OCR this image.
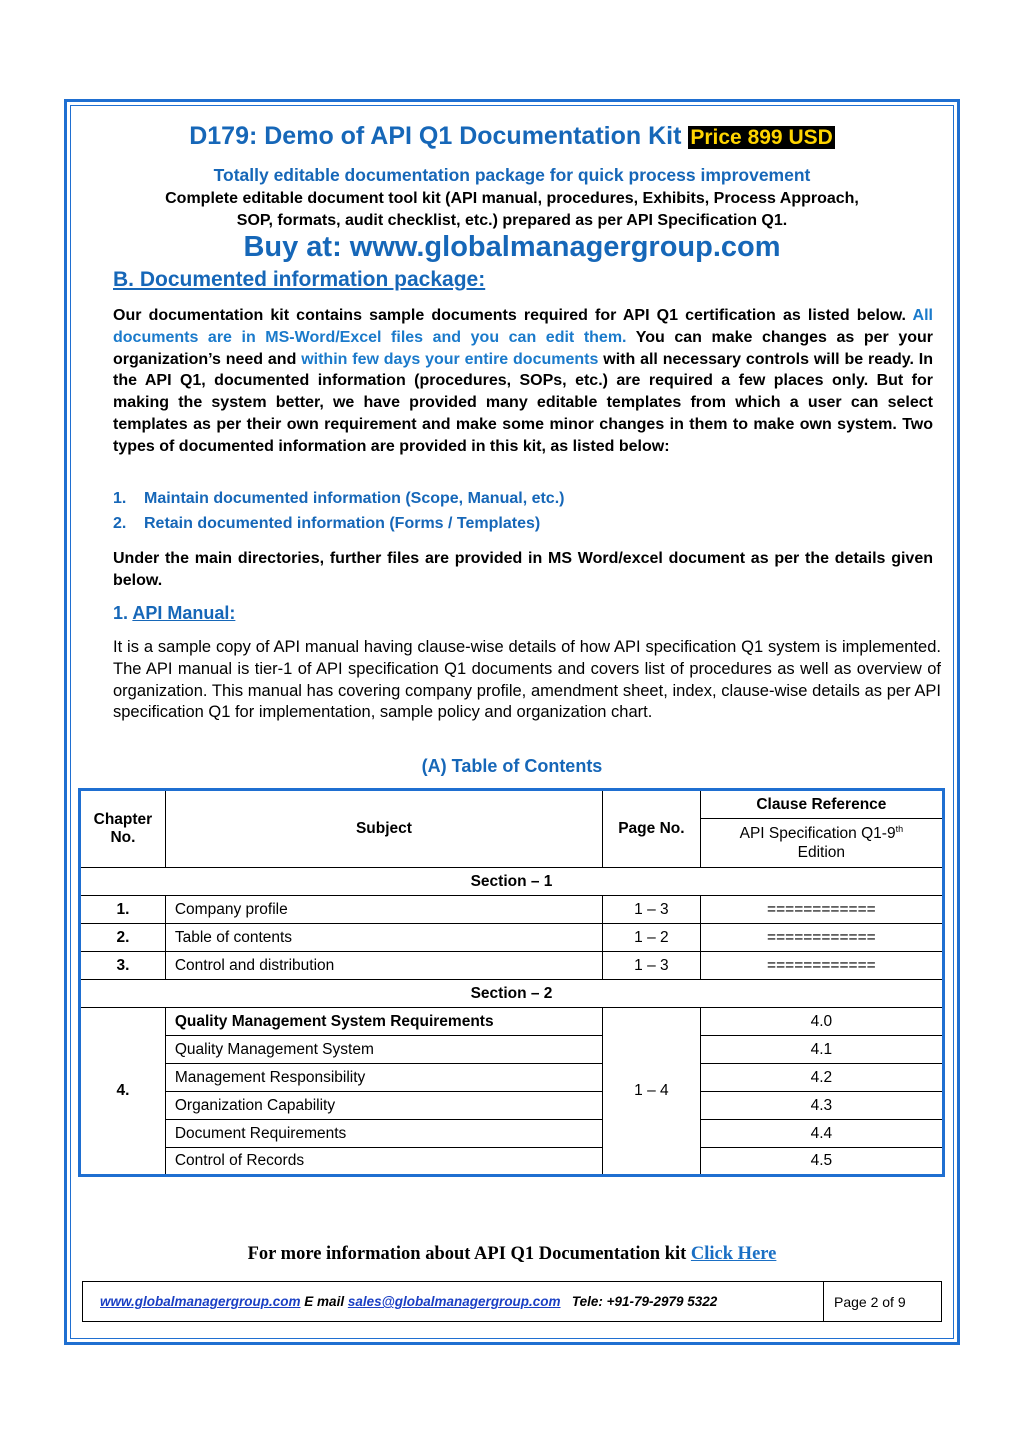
D179: Demo of API Q1 Documentation Kit Price 899 USD
Totally editable documentation package for quick process improvement
Complete editable document tool kit (API manual, procedures, Exhibits, Process Approach,
SOP, formats, audit checklist, etc.) prepared as per API Specification Q1.
Buy at: www.globalmanagergroup.com
B. Documented information package:
Our documentation kit contains sample documents required for API Q1 certification as listed below. All documents are in MS-Word/Excel files and you can edit them. You can make changes as per your organization’s need and within few days your entire documents with all necessary controls will be ready. In the API Q1, documented information (procedures, SOPs, etc.) are required a few places only. But for making the system better, we have provided many editable templates from which a user can select templates as per their own requirement and make some minor changes in them to make own system. Two types of documented information are provided in this kit, as listed below:
1. Maintain documented information (Scope, Manual, etc.)
2. Retain documented information (Forms / Templates)
Under the main directories, further files are provided in MS Word/excel document as per the details given below.
1. API Manual:
It is a sample copy of API manual having clause-wise details of how API specification Q1 system is implemented. The API manual is tier-1 of API specification Q1 documents and covers list of procedures as well as overview of organization. This manual has covering company profile, amendment sheet, index, clause-wise details as per API specification Q1 for implementation, sample policy and organization chart.
(A) Table of Contents
Chapter
No.	Subject	Page No.	Clause Reference

			API Specification Q1-9th
Edition

Section – 1			
1.	Company profile	1 – 3	============
2.	Table of contents	1 – 2	============
3.	Control and distribution	1 – 3	============
Section – 2			
4.	Quality Management System Requirements	1 – 4	4.0
	Quality Management System		4.1
	Management Responsibility		4.2
	Organization Capability		4.3
	Document Requirements		4.4
	Control of Records		4.5
For more information about API Q1 Documentation kit Click Here
www.globalmanagergroup.com E mail sales@globalmanagergroup.com Tele: +91-79-2979 5322	Page 2 of 9
